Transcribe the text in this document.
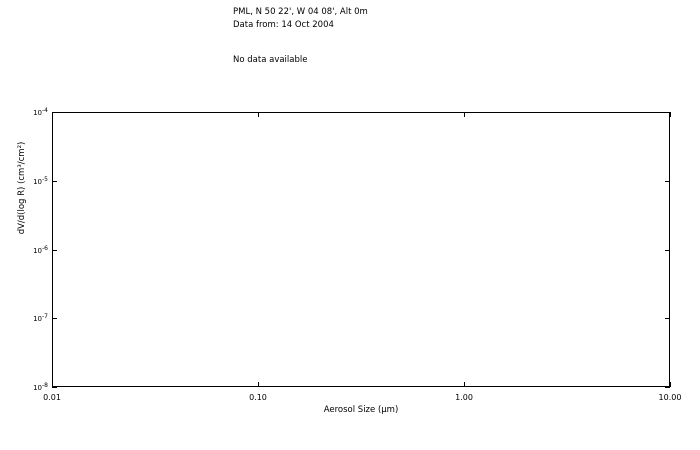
PML, N 50 22', W 04 08', Alt 0m
Data from: 14 Oct 2004
No data available
Aerosol Size (µm)
dV/d(log R) (cm³/cm²)
0.01	0.10	1.00	10.00
$10^{-8}$
$10^{-7}$
$10^{-6}$
$10^{-5}$
$10^{-4}$
